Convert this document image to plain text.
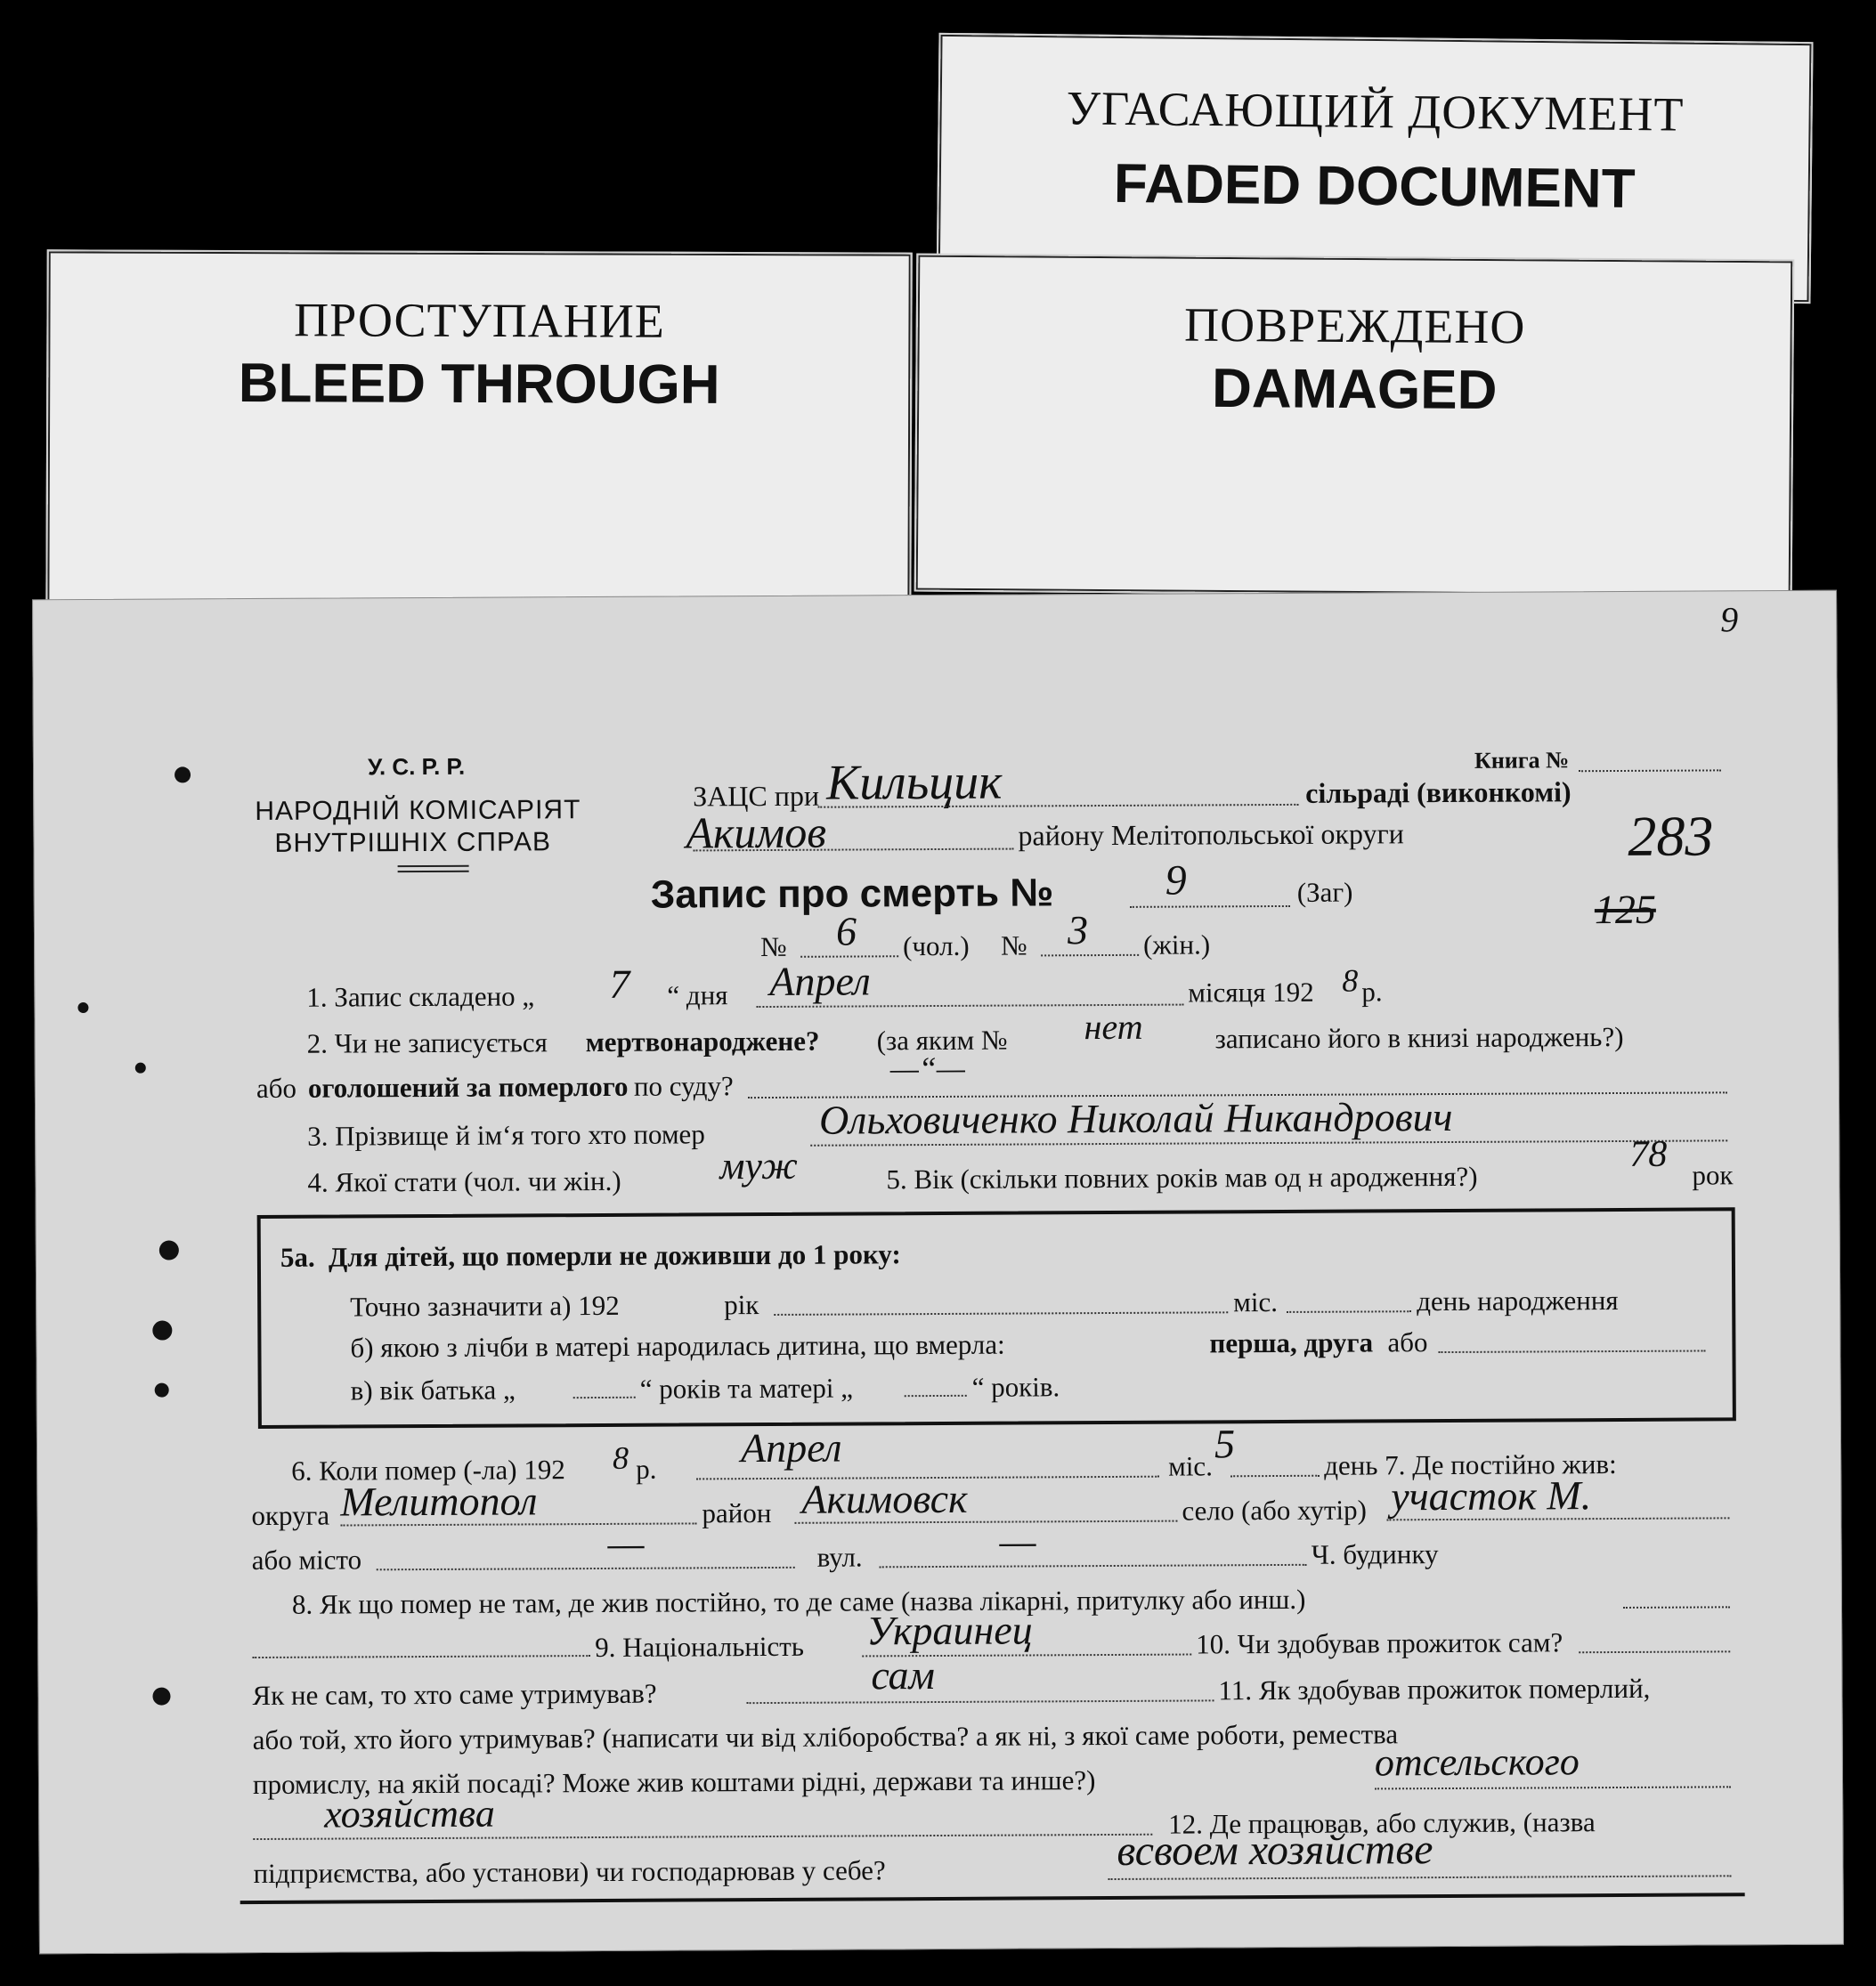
УГАСАЮЩИЙ ДОКУМЕНТ
FADED DOCUMENT
ПРОСТУПАНИЕ
BLEED THROUGH
ПОВРЕЖДЕНО
DAMAGED
9
У. С. Р. Р.
НАРОДНІЙ КОМІСАРІЯТ
ВНУТРІШНІХ СПРАВ
Книга №
ЗАЦС при Кильцик	сільраді (виконкомі)
Акимов	району Мелітопольської округи	283
125
Запис про смерть №	9	(Заг)
№ 6 (чол.) № 3 (жін.)
1. Запис складено „ 7 “ дня Апрел	місяця 192 8 р.
2. Чи не записується мертвонароджене? (за яким № нет	записано його в книзі народжень?)
або оголошений за померлого по суду?	—“—
3. Прізвище й ім‘я того хто помер	Ольховиченко Николай Никандрович
4. Якої стати (чол. чи жін.)	муж	5. Вік (скільки повних років мав од н ародження?)
78
рок
5а. Для дітей, що померли не доживши до 1 року:
Точно зазначити а) 192	рік	міс.	день народження
б) якою з лічби в матері народилась дитина, що вмерла:	перша, друга або
в) вік батька „	“ років та матері „	“ років.
6. Коли помер (-ла) 192 8 р. Апрел	міс. 5	день 7. Де постійно жив:
округа Мелитопол	район Акимовск	село (або хутір) участок М.
або місто	—	вул.	—	Ч. будинку
8. Як що помер не там, де жив постійно, то де саме (назва лікарні, притулку або инш.)
9. Національність Украинец	10. Чи здобував прожиток сам?
Як не сам, то хто саме утримував?	сам	11. Як здобував прожиток померлий,
або той, хто його утримував? (написати чи від хліборобства? а як ні, з якої саме роботи, ремества
промислу, на якій посаді? Може жив коштами рідні, держави та инше?)	отсельского
хозяйства	12. Де працював, або служив, (назва
підприємства, або установи) чи господарював у себе?	всвоем хозяйстве
